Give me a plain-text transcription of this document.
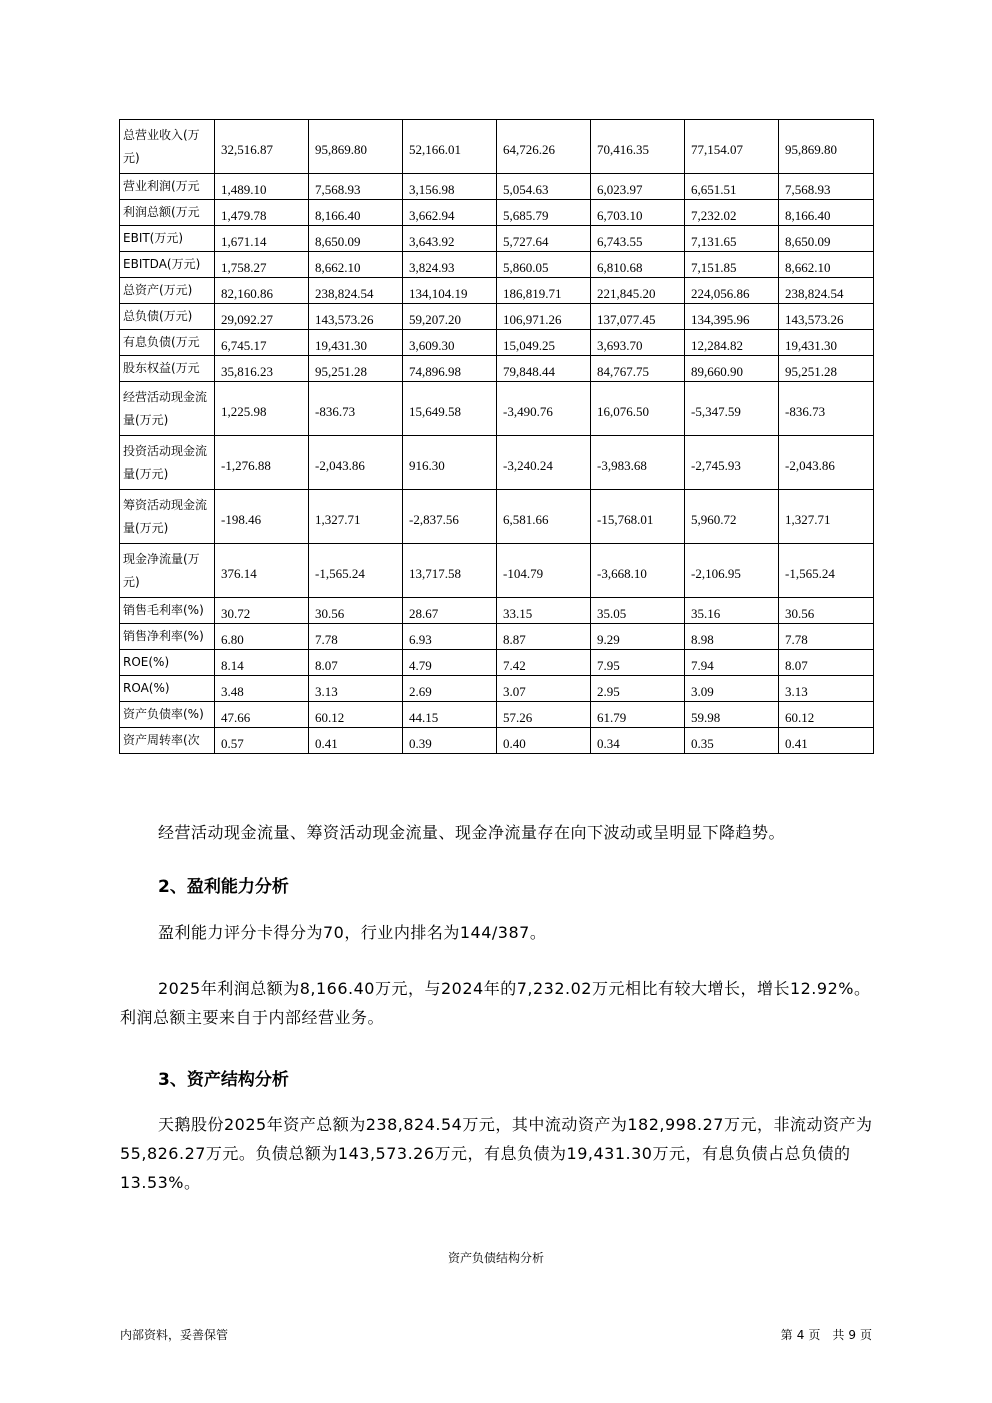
总营业收入(万元)	32,516.87	95,869.80	52,166.01	64,726.26	70,416.35	77,154.07	95,869.80
营业利润(万元	1,489.10	7,568.93	3,156.98	5,054.63	6,023.97	6,651.51	7,568.93
利润总额(万元	1,479.78	8,166.40	3,662.94	5,685.79	6,703.10	7,232.02	8,166.40
EBIT(万元)	1,671.14	8,650.09	3,643.92	5,727.64	6,743.55	7,131.65	8,650.09
EBITDA(万元)	1,758.27	8,662.10	3,824.93	5,860.05	6,810.68	7,151.85	8,662.10
总资产(万元)	82,160.86	238,824.54	134,104.19	186,819.71	221,845.20	224,056.86	238,824.54
总负债(万元)	29,092.27	143,573.26	59,207.20	106,971.26	137,077.45	134,395.96	143,573.26
有息负债(万元	6,745.17	19,431.30	3,609.30	15,049.25	3,693.70	12,284.82	19,431.30
股东权益(万元	35,816.23	95,251.28	74,896.98	79,848.44	84,767.75	89,660.90	95,251.28
经营活动现金流量(万元)	1,225.98	-836.73	15,649.58	-3,490.76	16,076.50	-5,347.59	-836.73
投资活动现金流量(万元)	-1,276.88	-2,043.86	916.30	-3,240.24	-3,983.68	-2,745.93	-2,043.86
筹资活动现金流量(万元)	-198.46	1,327.71	-2,837.56	6,581.66	-15,768.01	5,960.72	1,327.71
现金净流量(万元)	376.14	-1,565.24	13,717.58	-104.79	-3,668.10	-2,106.95	-1,565.24
销售毛利率(%)	30.72	30.56	28.67	33.15	35.05	35.16	30.56
销售净利率(%)	6.80	7.78	6.93	8.87	9.29	8.98	7.78
ROE(%)	8.14	8.07	4.79	7.42	7.95	7.94	8.07
ROA(%)	3.48	3.13	2.69	3.07	2.95	3.09	3.13
资产负债率(%)	47.66	60.12	44.15	57.26	61.79	59.98	60.12
资产周转率(次	0.57	0.41	0.39	0.40	0.34	0.35	0.41
经营活动现金流量、筹资活动现金流量、现金净流量存在向下波动或呈明显下降趋势。
2、盈利能力分析
盈利能力评分卡得分为70，行业内排名为144/387。
2025年利润总额为8,166.40万元，与2024年的7,232.02万元相比有较大增长，增长12.92%。利润总额主要来自于内部经营业务。
3、资产结构分析
天鹅股份2025年资产总额为238,824.54万元，其中流动资产为182,998.27万元，非流动资产为55,826.27万元。负债总额为143,573.26万元，有息负债为19,431.30万元，有息负债占总负债的13.53%。
资产负债结构分析
内部资料，妥善保管	第 4 页　共 9 页
